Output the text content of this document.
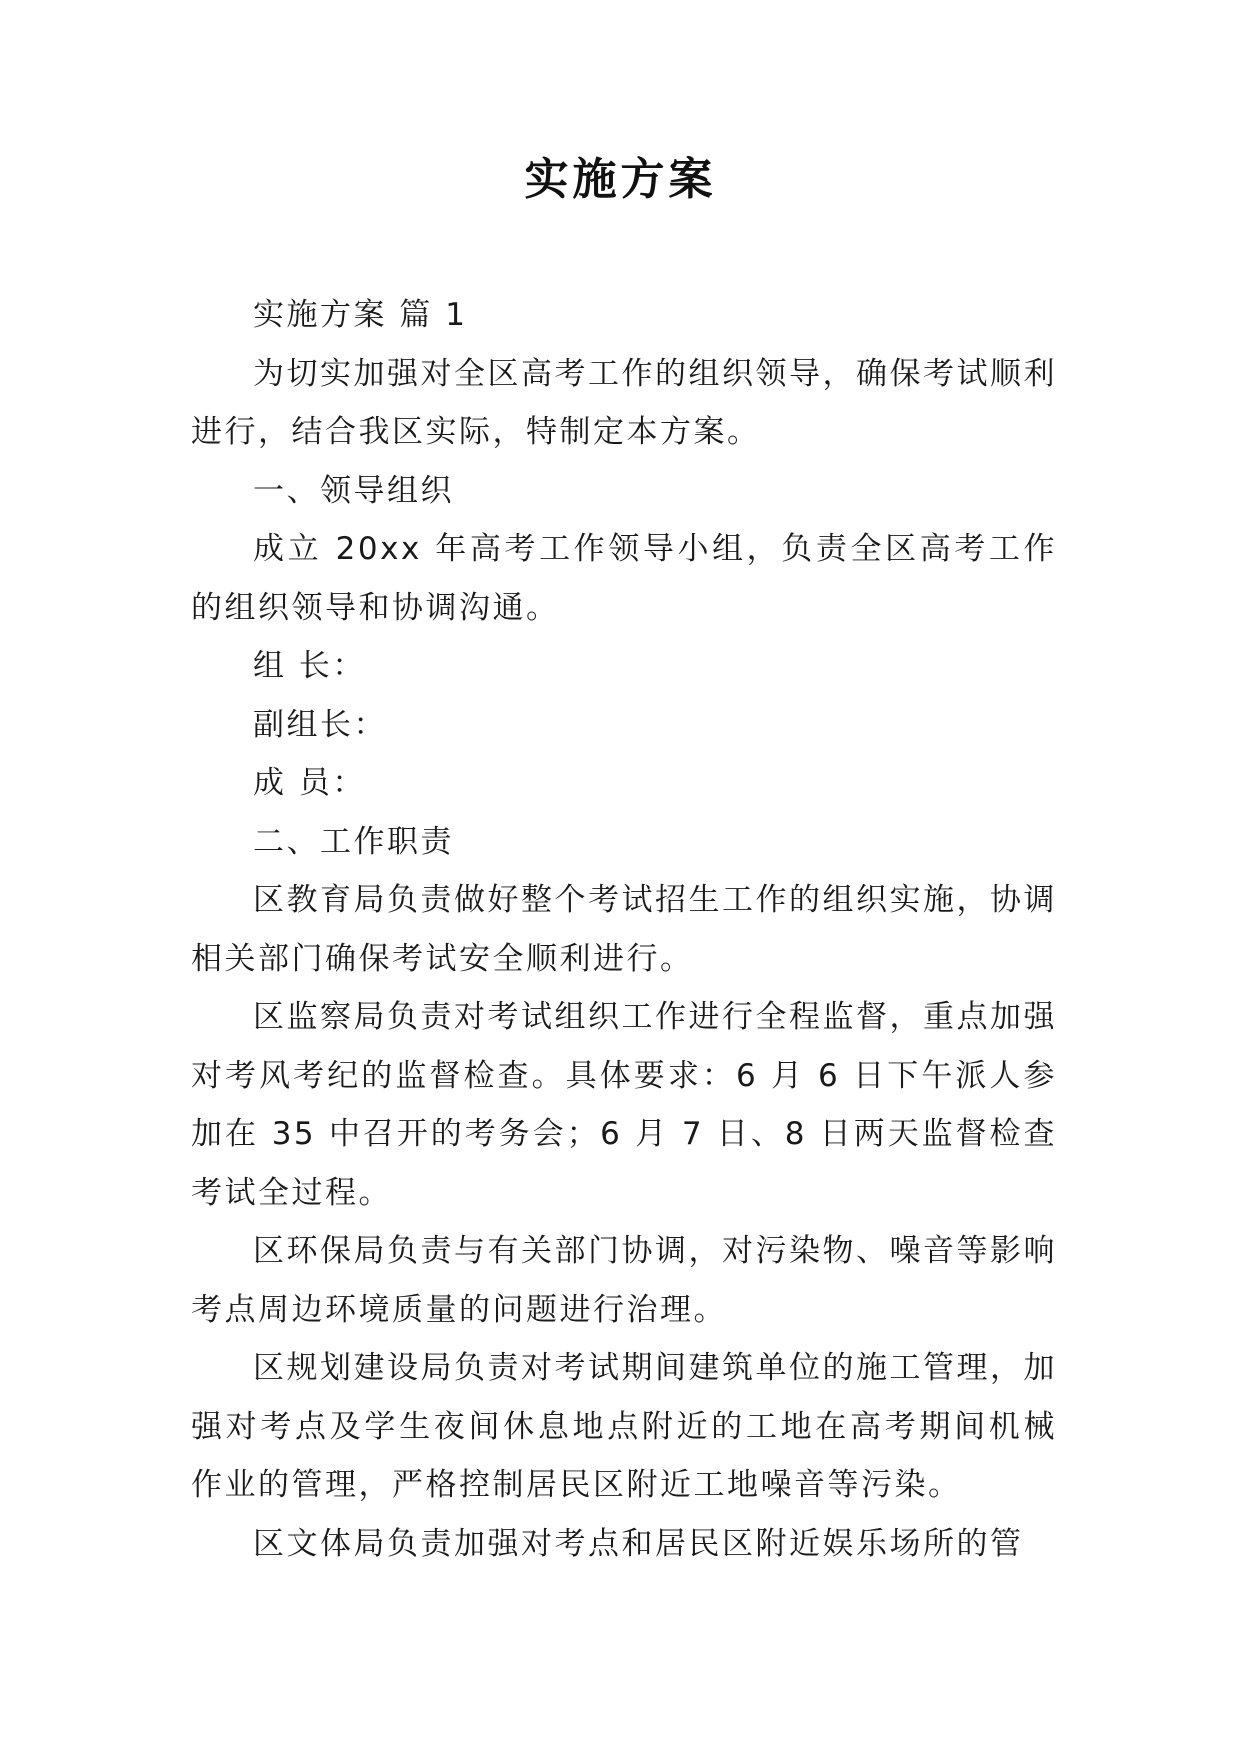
实施方案

实施方案 篇 1

为切实加强对全区高考工作的组织领导，确保考试顺利进行，结合我区实际，特制定本方案。

一、领导组织

成立 20xx 年高考工作领导小组，负责全区高考工作的组织领导和协调沟通。

组 长：

副组长：

成 员：

二、工作职责

区教育局负责做好整个考试招生工作的组织实施，协调相关部门确保考试安全顺利进行。

区监察局负责对考试组织工作进行全程监督，重点加强对考风考纪的监督检查。具体要求：6 月 6 日下午派人参加在 35 中召开的考务会；6 月 7 日、8 日两天监督检查考试全过程。

区环保局负责与有关部门协调，对污染物、噪音等影响考点周边环境质量的问题进行治理。

区规划建设局负责对考试期间建筑单位的施工管理，加强对考点及学生夜间休息地点附近的工地在高考期间机械作业的管理，严格控制居民区附近工地噪音等污染。

区文体局负责加强对考点和居民区附近娱乐场所的管
